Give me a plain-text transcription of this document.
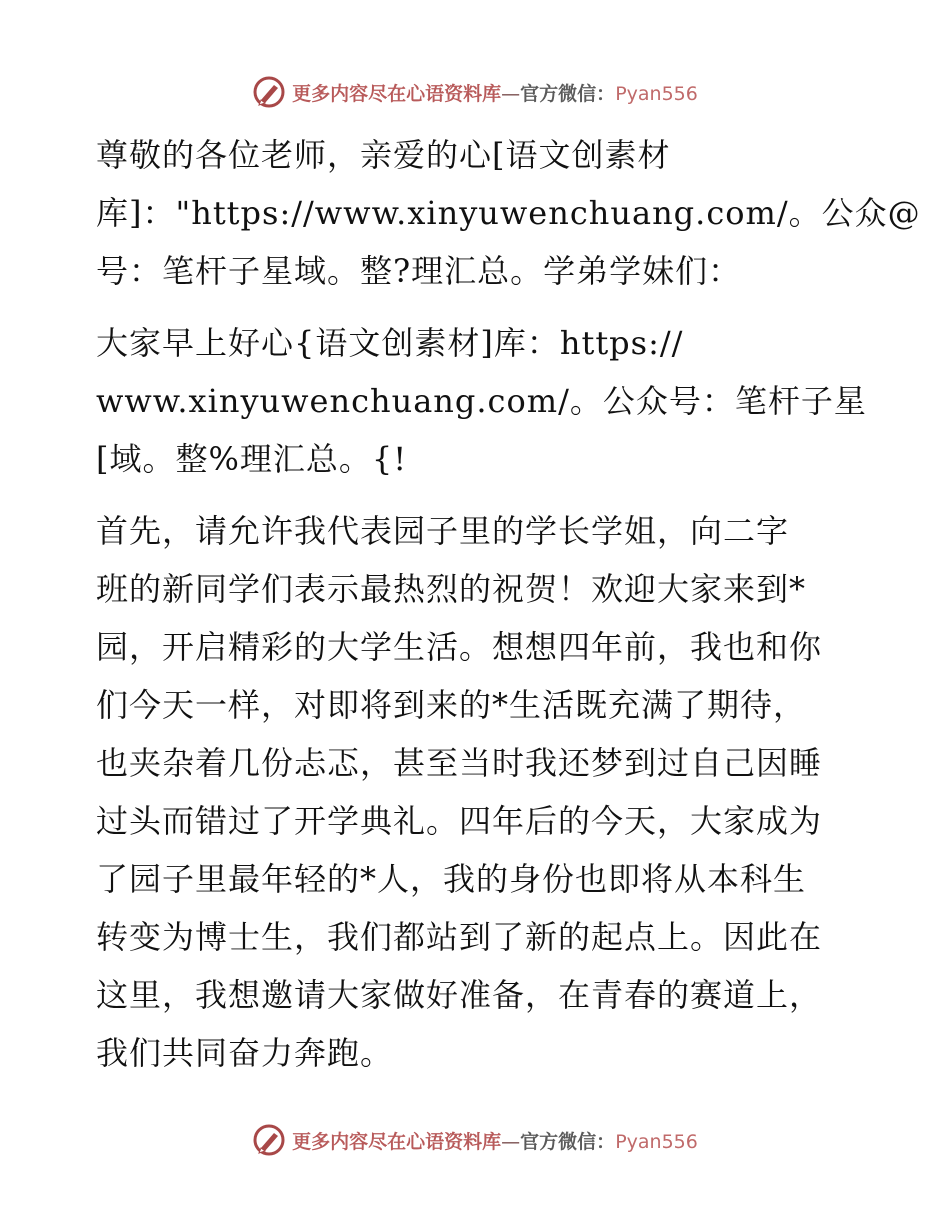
更多内容尽在心语资料库—官方微信：Pyan556

尊敬的各位老师，亲爱的心[语文创素材
库]："https://www.xinyuwenchuang.com/。公众@
号：笔杆子星域。整?理汇总。学弟学妹们：

大家早上好心{语文创素材]库：https://
www.xinyuwenchuang.com/。公众号：笔杆子星
[域。整%理汇总。{!

首先，请允许我代表园子里的学长学姐，向二字
班的新同学们表示最热烈的祝贺！欢迎大家来到*
园，开启精彩的大学生活。想想四年前，我也和你
们今天一样，对即将到来的*生活既充满了期待，
也夹杂着几份忐忑，甚至当时我还梦到过自己因睡
过头而错过了开学典礼。四年后的今天，大家成为
了园子里最年轻的*人，我的身份也即将从本科生
转变为博士生，我们都站到了新的起点上。因此在
这里，我想邀请大家做好准备，在青春的赛道上，
我们共同奋力奔跑。

更多内容尽在心语资料库—官方微信：Pyan556
